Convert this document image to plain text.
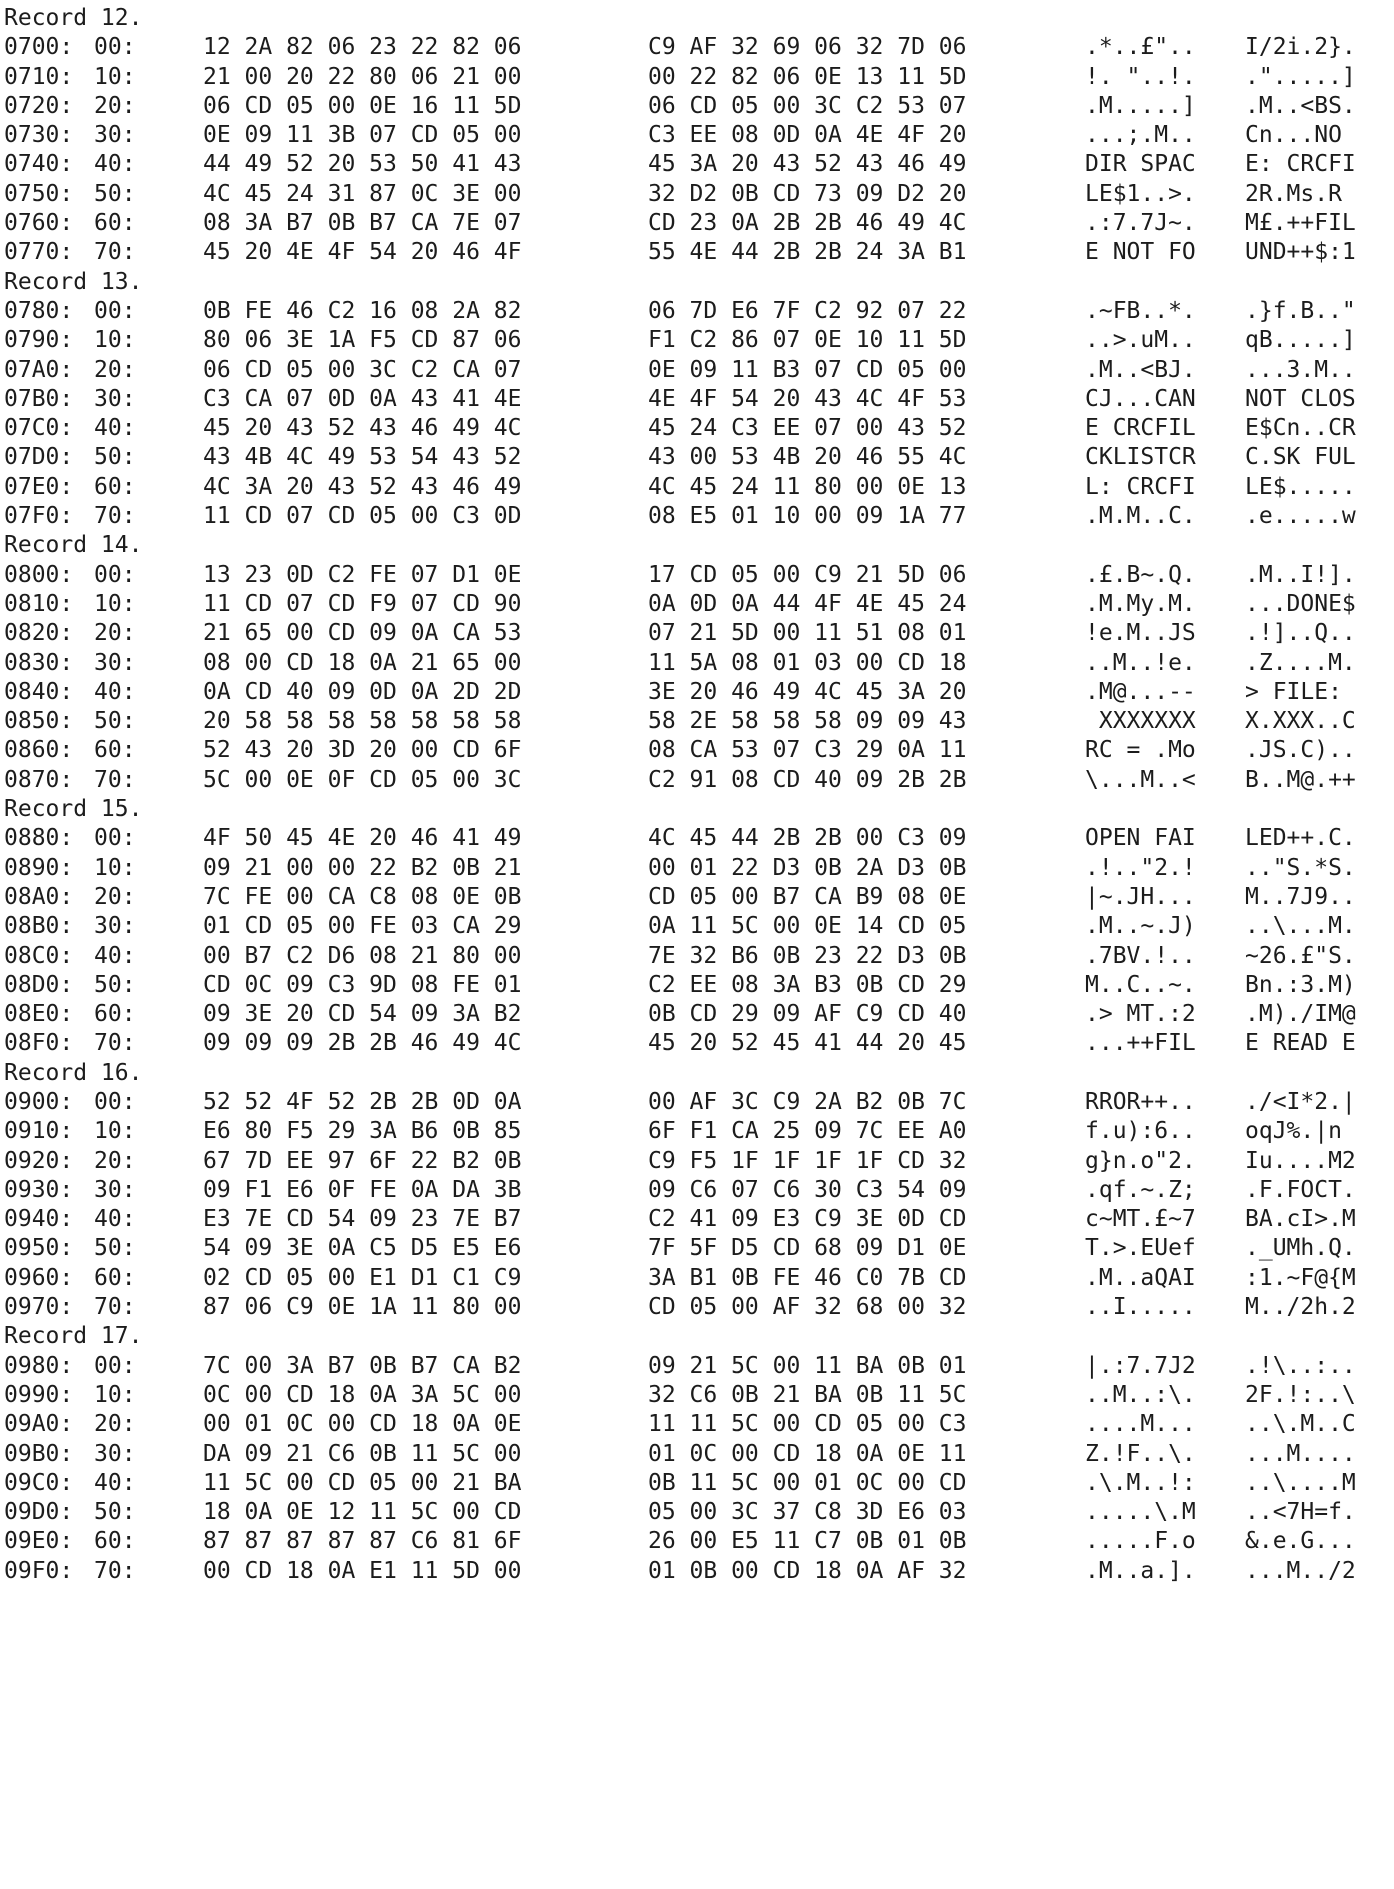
Record 12.
0700: 00:	12 2A 82 06 23 22 82 06	C9 AF 32 69 06 32 7D 06	.*..£".. I/2i.2}.
0710: 10:	21 00 20 22 80 06 21 00	00 22 82 06 0E 13 11 5D	!. "..!. .".....]
0720: 20:	06 CD 05 00 0E 16 11 5D	06 CD 05 00 3C C2 53 07	.M.....] .M..<BS.
0730: 30:	0E 09 11 3B 07 CD 05 00	C3 EE 08 0D 0A 4E 4F 20	...;.M.. Cn...NO
0740: 40:	44 49 52 20 53 50 41 43	45 3A 20 43 52 43 46 49	DIR SPAC E: CRCFI
0750: 50:	4C 45 24 31 87 0C 3E 00	32 D2 0B CD 73 09 D2 20	LE$1..>. 2R.Ms.R
0760: 60:	08 3A B7 0B B7 CA 7E 07	CD 23 0A 2B 2B 46 49 4C	.:7.7J~. M£.++FIL
0770: 70:	45 20 4E 4F 54 20 46 4F	55 4E 44 2B 2B 24 3A B1	E NOT FO UND++$:1
Record 13.
0780: 00:	0B FE 46 C2 16 08 2A 82	06 7D E6 7F C2 92 07 22	.~FB..*. .}f.B.."
0790: 10:	80 06 3E 1A F5 CD 87 06	F1 C2 86 07 0E 10 11 5D	..>.uM.. qB.....]
07A0: 20:	06 CD 05 00 3C C2 CA 07	0E 09 11 B3 07 CD 05 00	.M..<BJ. ...3.M..
07B0: 30:	C3 CA 07 0D 0A 43 41 4E	4E 4F 54 20 43 4C 4F 53	CJ...CAN NOT CLOS
07C0: 40:	45 20 43 52 43 46 49 4C	45 24 C3 EE 07 00 43 52	E CRCFIL E$Cn..CR
07D0: 50:	43 4B 4C 49 53 54 43 52	43 00 53 4B 20 46 55 4C	CKLISTCR C.SK FUL
07E0: 60:	4C 3A 20 43 52 43 46 49	4C 45 24 11 80 00 0E 13	L: CRCFI LE$.....
07F0: 70:	11 CD 07 CD 05 00 C3 0D	08 E5 01 10 00 09 1A 77	.M.M..C. .e.....w
Record 14.
0800: 00:	13 23 0D C2 FE 07 D1 0E	17 CD 05 00 C9 21 5D 06	.£.B~.Q. .M..I!].
0810: 10:	11 CD 07 CD F9 07 CD 90	0A 0D 0A 44 4F 4E 45 24	.M.My.M. ...DONE$
0820: 20:	21 65 00 CD 09 0A CA 53	07 21 5D 00 11 51 08 01	!e.M..JS .!]..Q..
0830: 30:	08 00 CD 18 0A 21 65 00	11 5A 08 01 03 00 CD 18	..M..!e. .Z....M.
0840: 40:	0A CD 40 09 0D 0A 2D 2D	3E 20 46 49 4C 45 3A 20	.M@...-- > FILE:
0850: 50:	20 58 58 58 58 58 58 58	58 2E 58 58 58 09 09 43	XXXXXXX X.XXX..C
0860: 60:	52 43 20 3D 20 00 CD 6F	08 CA 53 07 C3 29 0A 11	RC = .Mo .JS.C)..
0870: 70:	5C 00 0E 0F CD 05 00 3C	C2 91 08 CD 40 09 2B 2B	\...M..< B..M@.++
Record 15.
0880: 00:	4F 50 45 4E 20 46 41 49	4C 45 44 2B 2B 00 C3 09	OPEN FAI LED++.C.
0890: 10:	09 21 00 00 22 B2 0B 21	00 01 22 D3 0B 2A D3 0B	.!.."2.! .."S.*S.
08A0: 20:	7C FE 00 CA C8 08 0E 0B	CD 05 00 B7 CA B9 08 0E	|~.JH... M..7J9..
08B0: 30:	01 CD 05 00 FE 03 CA 29	0A 11 5C 00 0E 14 CD 05	.M..~.J) ..\...M.
08C0: 40:	00 B7 C2 D6 08 21 80 00	7E 32 B6 0B 23 22 D3 0B	.7BV.!.. ~26.£"S.
08D0: 50:	CD 0C 09 C3 9D 08 FE 01	C2 EE 08 3A B3 0B CD 29	M..C..~. Bn.:3.M)
08E0: 60:	09 3E 20 CD 54 09 3A B2	0B CD 29 09 AF C9 CD 40	.> MT.:2 .M)./IM@
08F0: 70:	09 09 09 2B 2B 46 49 4C	45 20 52 45 41 44 20 45	...++FIL E READ E
Record 16.
0900: 00:	52 52 4F 52 2B 2B 0D 0A	00 AF 3C C9 2A B2 0B 7C	RROR++.. ./<I*2.|
0910: 10:	E6 80 F5 29 3A B6 0B 85	6F F1 CA 25 09 7C EE A0	f.u):6.. oqJ%.|n
0920: 20:	67 7D EE 97 6F 22 B2 0B	C9 F5 1F 1F 1F 1F CD 32	g}n.o"2. Iu....M2
0930: 30:	09 F1 E6 0F FE 0A DA 3B	09 C6 07 C6 30 C3 54 09	.qf.~.Z; .F.FOCT.
0940: 40:	E3 7E CD 54 09 23 7E B7	C2 41 09 E3 C9 3E 0D CD	c~MT.£~7 BA.cI>.M
0950: 50:	54 09 3E 0A C5 D5 E5 E6	7F 5F D5 CD 68 09 D1 0E	T.>.EUef ._UMh.Q.
0960: 60:	02 CD 05 00 E1 D1 C1 C9	3A B1 0B FE 46 C0 7B CD	.M..aQAI :1.~F@{M
0970: 70:	87 06 C9 0E 1A 11 80 00	CD 05 00 AF 32 68 00 32	..I..... M../2h.2
Record 17.
0980: 00:	7C 00 3A B7 0B B7 CA B2	09 21 5C 00 11 BA 0B 01	|.:7.7J2 .!\..:..
0990: 10:	0C 00 CD 18 0A 3A 5C 00	32 C6 0B 21 BA 0B 11 5C	..M..:\. 2F.!:..\
09A0: 20:	00 01 0C 00 CD 18 0A 0E	11 11 5C 00 CD 05 00 C3	....M... ..\.M..C
09B0: 30:	DA 09 21 C6 0B 11 5C 00	01 0C 00 CD 18 0A 0E 11	Z.!F..\. ...M....
09C0: 40:	11 5C 00 CD 05 00 21 BA	0B 11 5C 00 01 0C 00 CD	.\.M..!: ..\....M
09D0: 50:	18 0A 0E 12 11 5C 00 CD	05 00 3C 37 C8 3D E6 03	.....\.M ..<7H=f.
09E0: 60:	87 87 87 87 87 C6 81 6F	26 00 E5 11 C7 0B 01 0B	.....F.o &.e.G...
09F0: 70:	00 CD 18 0A E1 11 5D 00	01 0B 00 CD 18 0A AF 32	.M..a.]. ...M../2
